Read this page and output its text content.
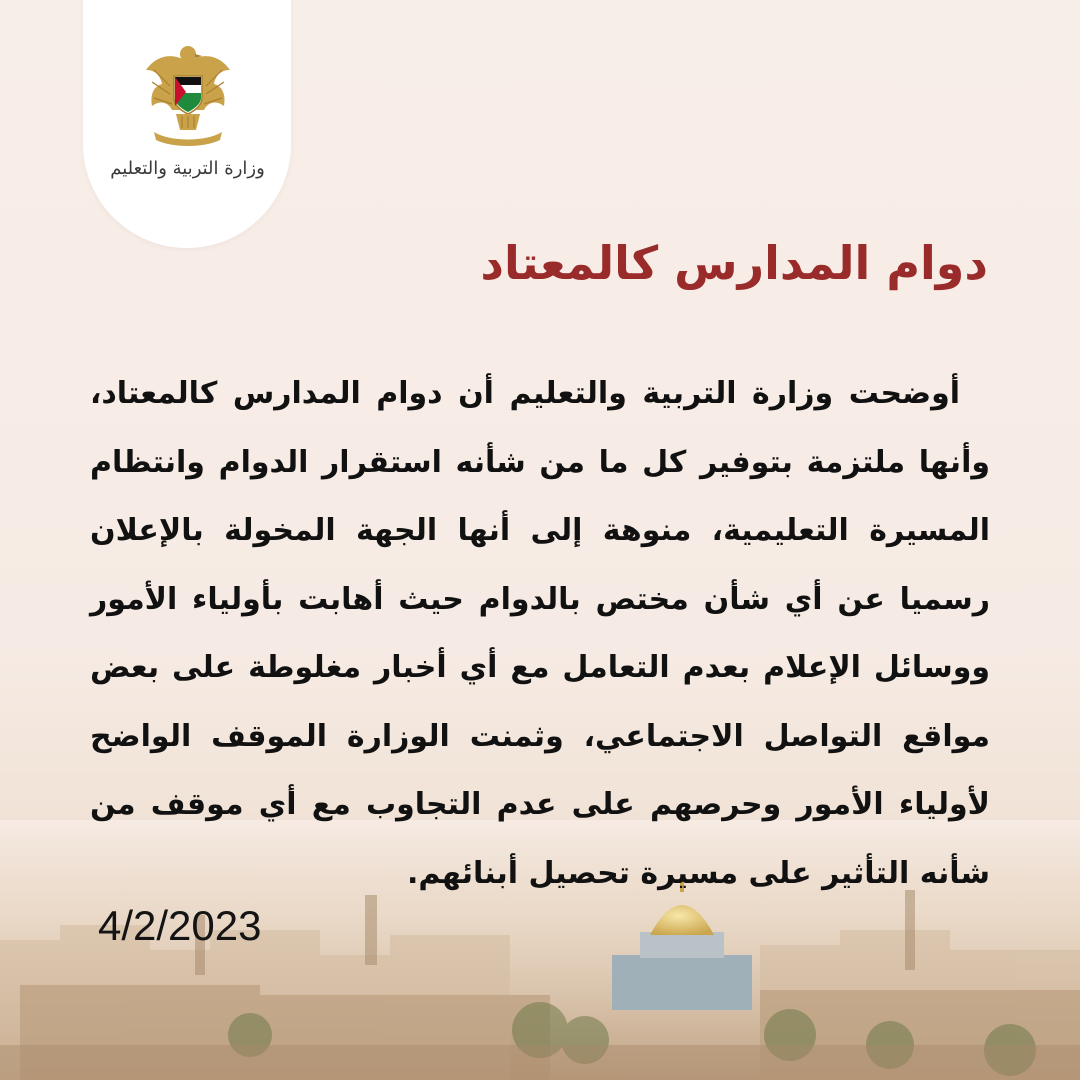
وزارة التربية والتعليم
دوام المدارس كالمعتاد
أوضحت وزارة التربية والتعليم أن دوام المدارس كالمعتاد، وأنها ملتزمة بتوفير كل ما من شأنه استقرار الدوام وانتظام المسيرة التعليمية، منوهة إلى أنها الجهة المخولة بالإعلان رسميا عن أي شأن مختص بالدوام حيث أهابت بأولياء الأمور ووسائل الإعلام بعدم التعامل مع أي أخبار مغلوطة على بعض مواقع التواصل الاجتماعي، وثمنت الوزارة الموقف الواضح لأولياء الأمور وحرصهم على عدم التجاوب مع أي موقف من شأنه التأثير على مسيرة تحصيل أبنائهم.
4/2/2023
